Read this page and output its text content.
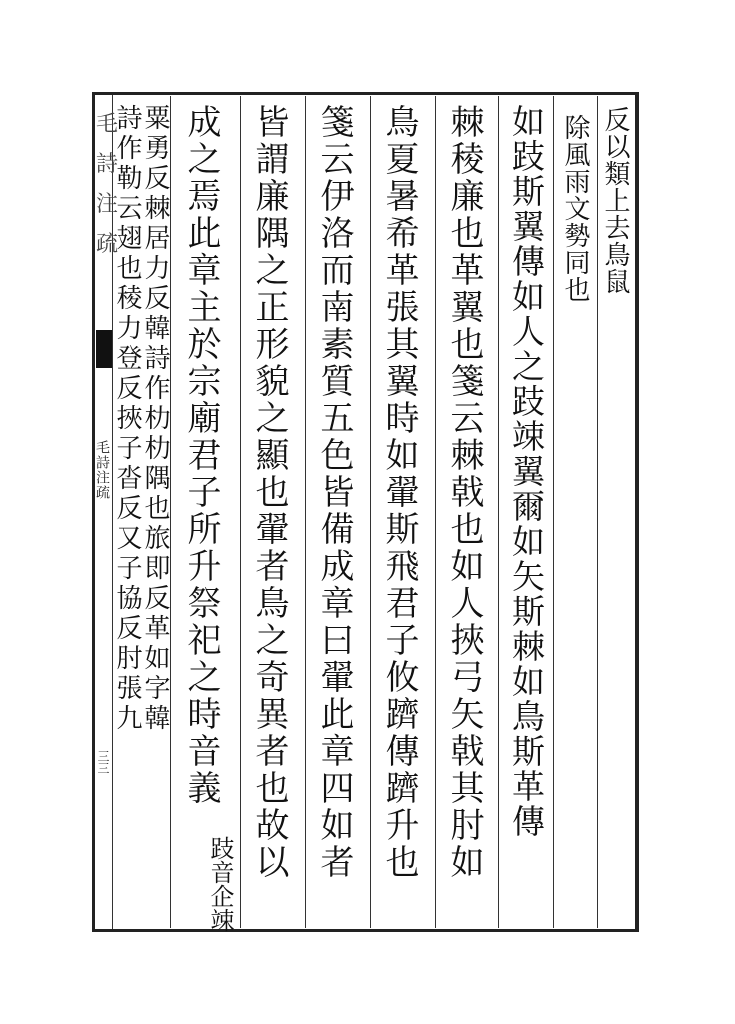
毛詩注疏
毛詩注疏
三三
反以類上去鳥鼠
除風雨文勢同也
如跂斯翼傳如人之跂竦翼爾如矢斯棘如鳥斯革傳
棘稜廉也革翼也箋云棘戟也如人挾弓矢戟其肘如
鳥夏暑希革張其翼時如翬斯飛君子攸躋傳躋升也
箋云伊洛而南素質五色皆備成章曰翬此章四如者
皆謂廉隅之正形貌之顯也翬者鳥之奇異者也故以
成之焉此章主於宗廟君子所升祭祀之時音義
跂音企竦
粟勇反棘居力反韓詩作朸朸隅也旅即反革如字韓
詩作勒云翅也稜力登反挾子沓反又子協反肘張九
